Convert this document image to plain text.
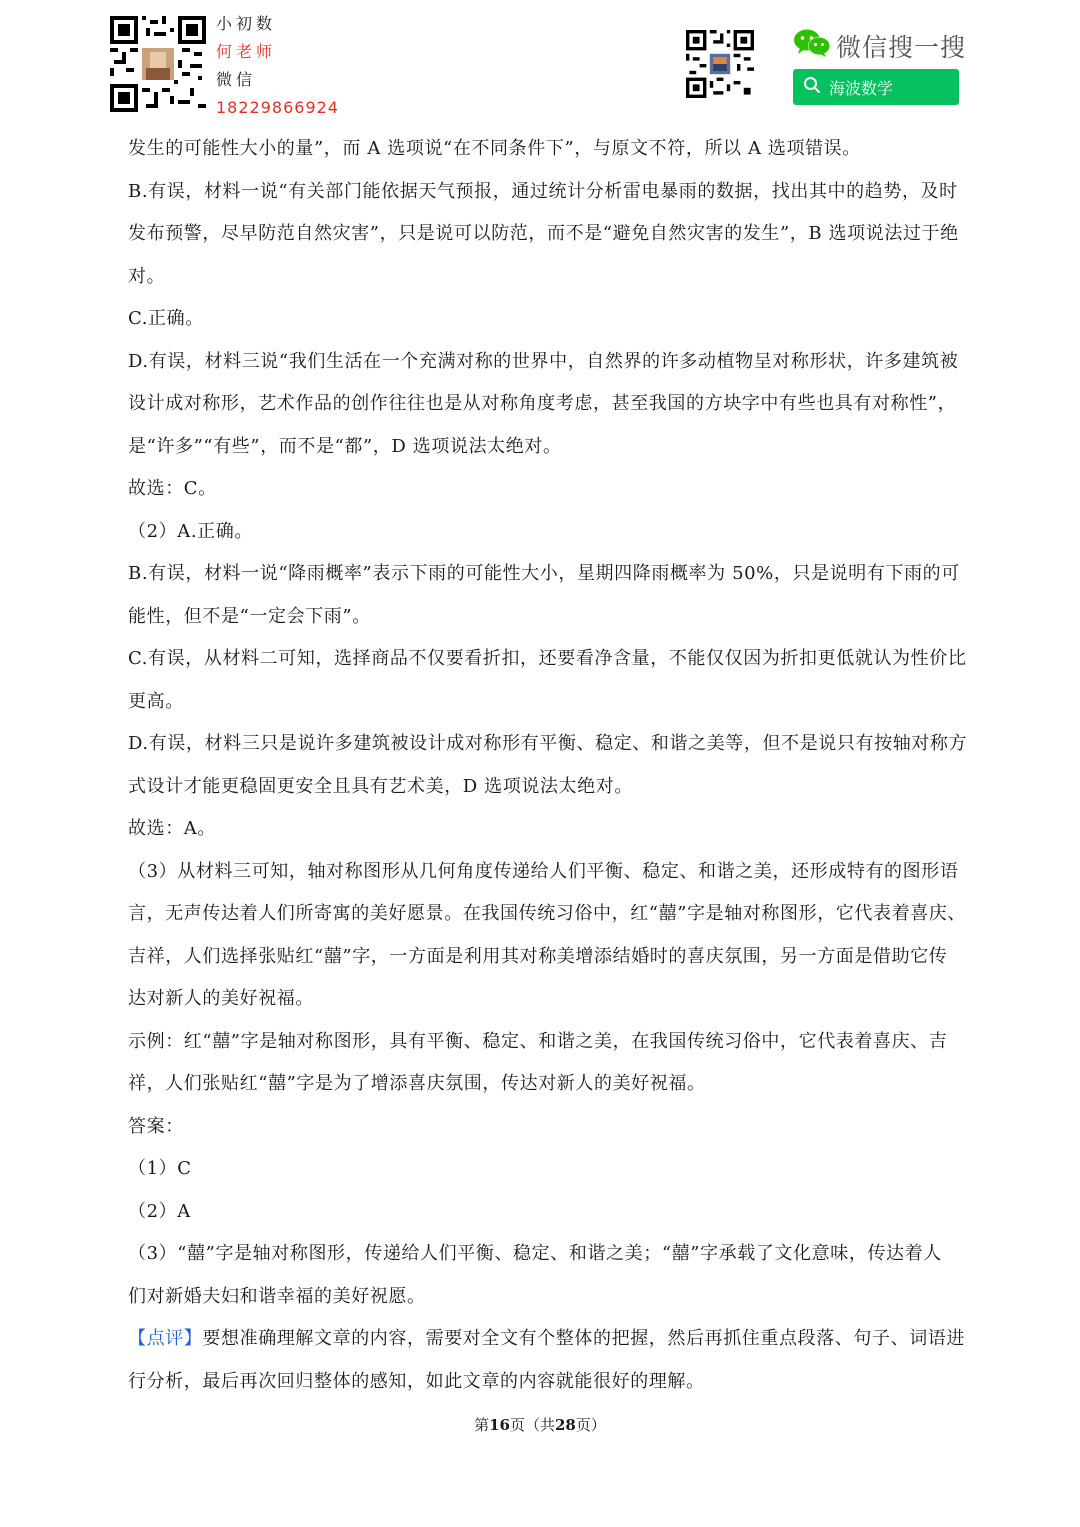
小初数
何老师
微信
18229866924
微信搜一搜
海波数学

发生的可能性大小的量”，而 A 选项说“在不同条件下”，与原文不符，所以 A 选项错误。

B.有误，材料一说“有关部门能依据天气预报，通过统计分析雷电暴雨的数据，找出其中的趋势，及时

发布预警，尽早防范自然灾害”，只是说可以防范，而不是“避免自然灾害的发生”，B 选项说法过于绝

对。

C.正确。

D.有误，材料三说“我们生活在一个充满对称的世界中，自然界的许多动植物呈对称形状，许多建筑被

设计成对称形，艺术作品的创作往往也是从对称角度考虑，甚至我国的方块字中有些也具有对称性”，

是“许多”“有些”，而不是“都”，D 选项说法太绝对。

故选：C。

（2）A.正确。

B.有误，材料一说“降雨概率”表示下雨的可能性大小，星期四降雨概率为 50%，只是说明有下雨的可

能性，但不是“一定会下雨”。

C.有误，从材料二可知，选择商品不仅要看折扣，还要看净含量，不能仅仅因为折扣更低就认为性价比

更高。

D.有误，材料三只是说许多建筑被设计成对称形有平衡、稳定、和谐之美等，但不是说只有按轴对称方

式设计才能更稳固更安全且具有艺术美，D 选项说法太绝对。

故选：A。

（3）从材料三可知，轴对称图形从几何角度传递给人们平衡、稳定、和谐之美，还形成特有的图形语

言，无声传达着人们所寄寓的美好愿景。在我国传统习俗中，红“囍”字是轴对称图形，它代表着喜庆、

吉祥，人们选择张贴红“囍”字，一方面是利用其对称美增添结婚时的喜庆氛围，另一方面是借助它传

达对新人的美好祝福。

示例：红“囍”字是轴对称图形，具有平衡、稳定、和谐之美，在我国传统习俗中，它代表着喜庆、吉

祥，人们张贴红“囍”字是为了增添喜庆氛围，传达对新人的美好祝福。

答案：

（1）C

（2）A

（3）“囍”字是轴对称图形，传递给人们平衡、稳定、和谐之美；“囍”字承载了文化意味，传达着人

们对新婚夫妇和谐幸福的美好祝愿。

【点评】要想准确理解文章的内容，需要对全文有个整体的把握，然后再抓住重点段落、句子、词语进

行分析，最后再次回归整体的感知，如此文章的内容就能很好的理解。

第16页（共28页）
